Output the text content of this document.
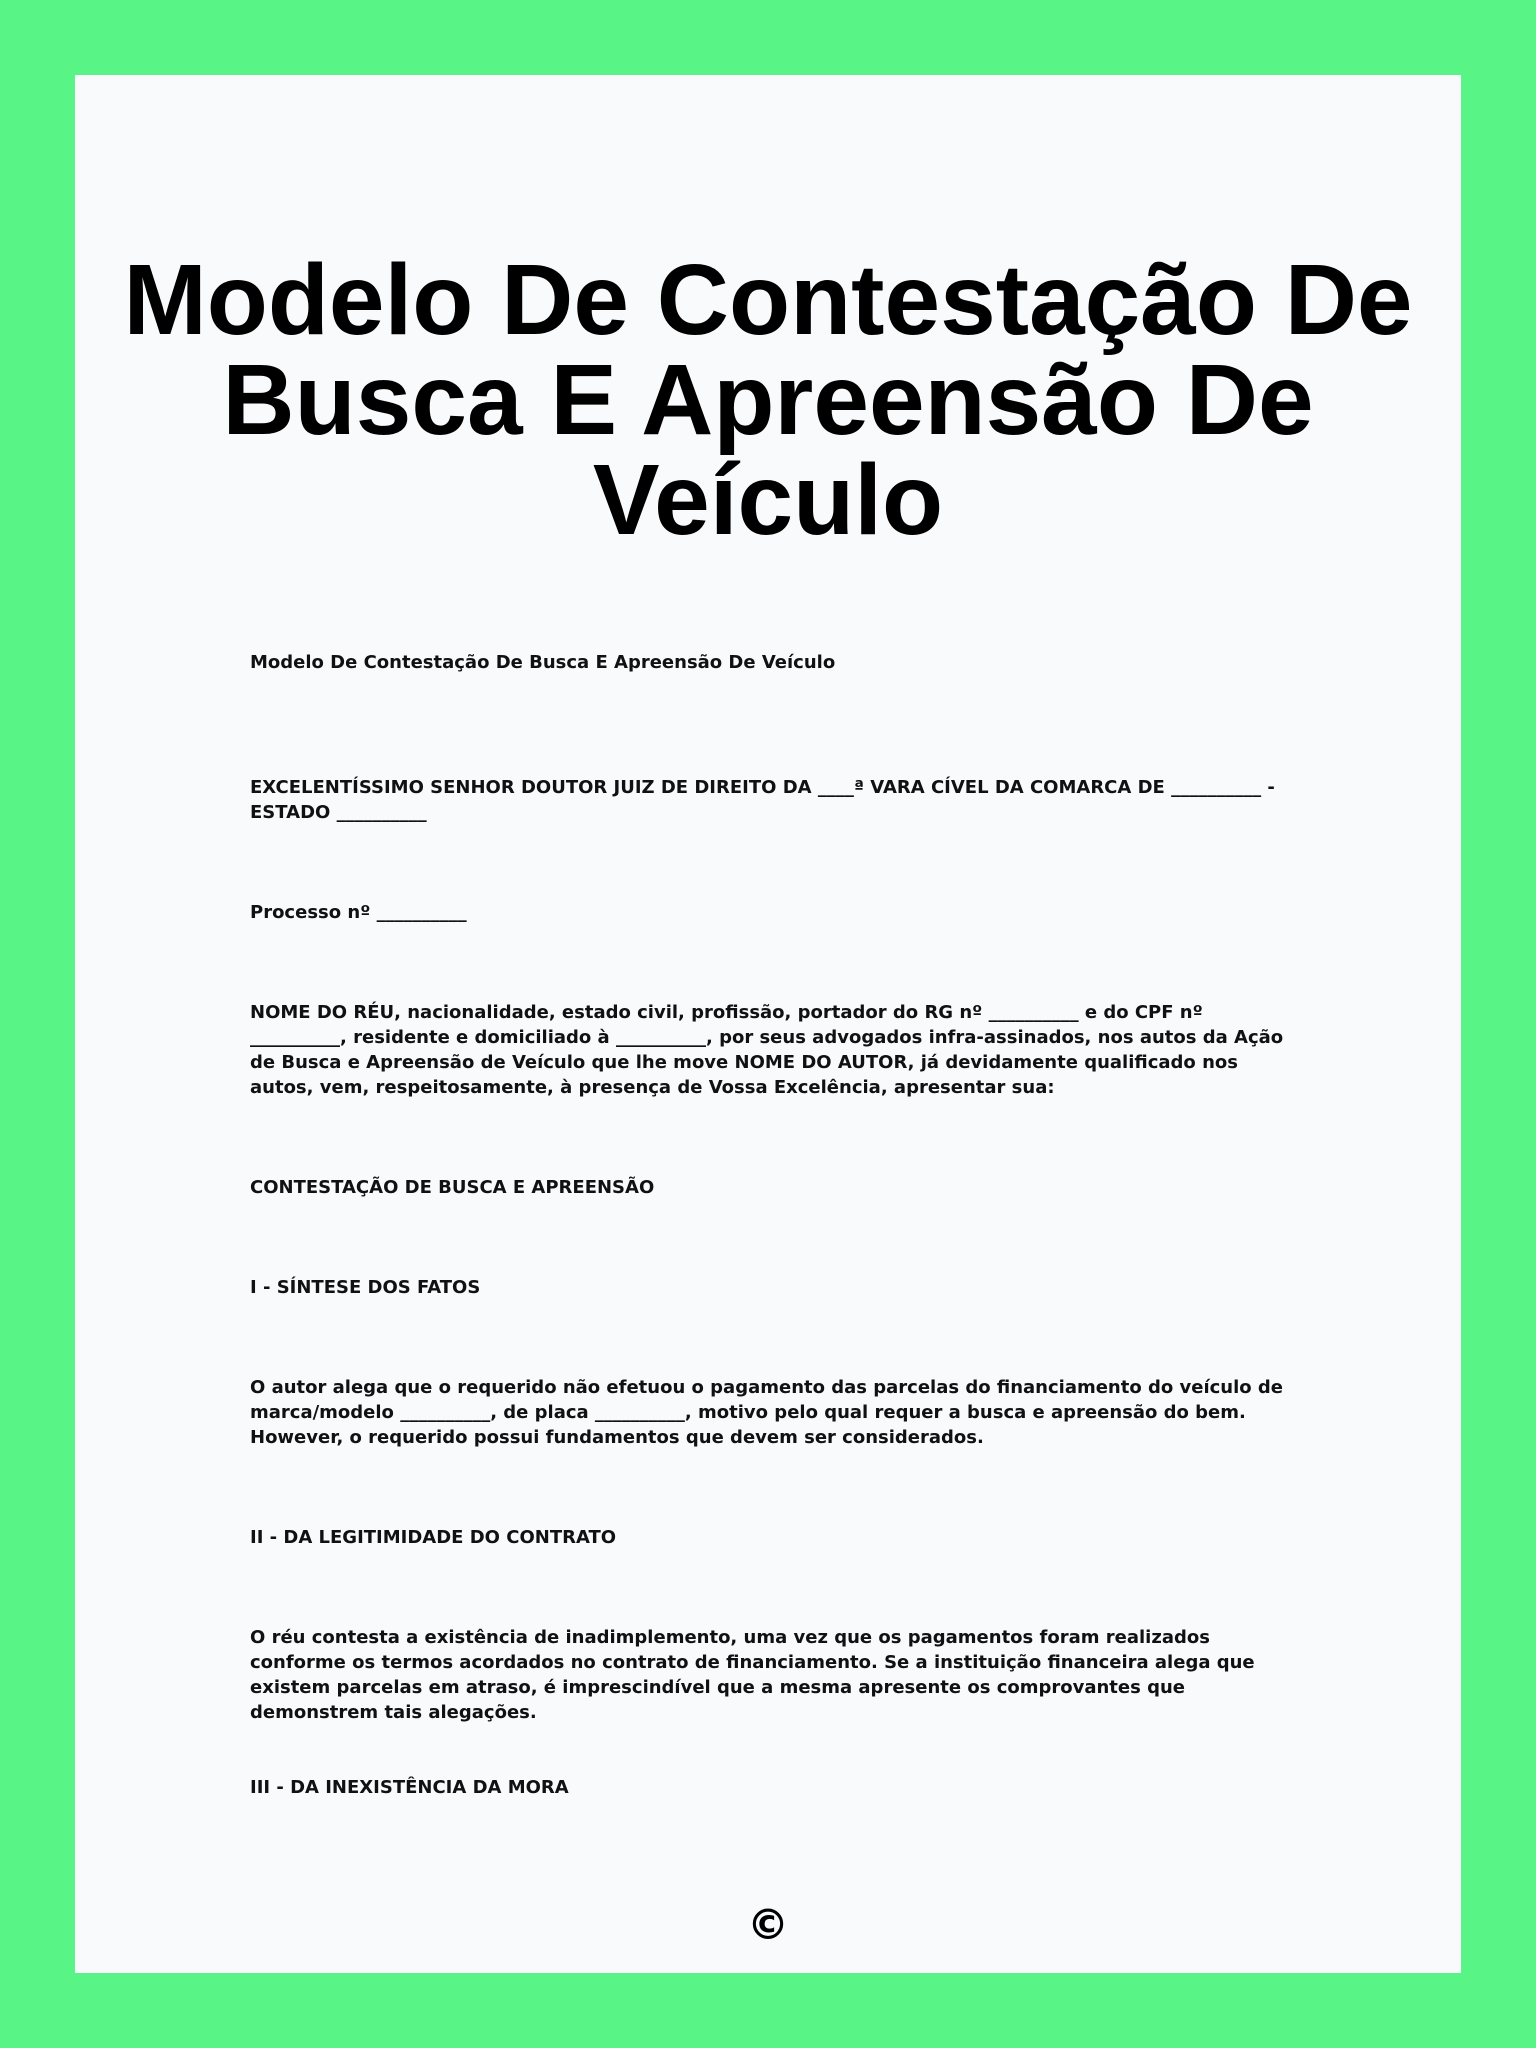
Modelo De Contestação De Busca E Apreensão De Veículo

Modelo De Contestação De Busca E Apreensão De Veículo

EXCELENTÍSSIMO SENHOR DOUTOR JUIZ DE DIREITO DA ____ª VARA CÍVEL DA COMARCA DE __________ - ESTADO __________

Processo nº __________

NOME DO RÉU, nacionalidade, estado civil, profissão, portador do RG nº __________ e do CPF nº __________, residente e domiciliado à __________, por seus advogados infra-assinados, nos autos da Ação de Busca e Apreensão de Veículo que lhe move NOME DO AUTOR, já devidamente qualificado nos autos, vem, respeitosamente, à presença de Vossa Excelência, apresentar sua:

CONTESTAÇÃO DE BUSCA E APREENSÃO

I - SÍNTESE DOS FATOS

O autor alega que o requerido não efetuou o pagamento das parcelas do financiamento do veículo de marca/modelo __________, de placa __________, motivo pelo qual requer a busca e apreensão do bem. However, o requerido possui fundamentos que devem ser considerados.

II - DA LEGITIMIDADE DO CONTRATO

O réu contesta a existência de inadimplemento, uma vez que os pagamentos foram realizados conforme os termos acordados no contrato de financiamento. Se a instituição financeira alega que existem parcelas em atraso, é imprescindível que a mesma apresente os comprovantes que demonstrem tais alegações.

III - DA INEXISTÊNCIA DA MORA

©
